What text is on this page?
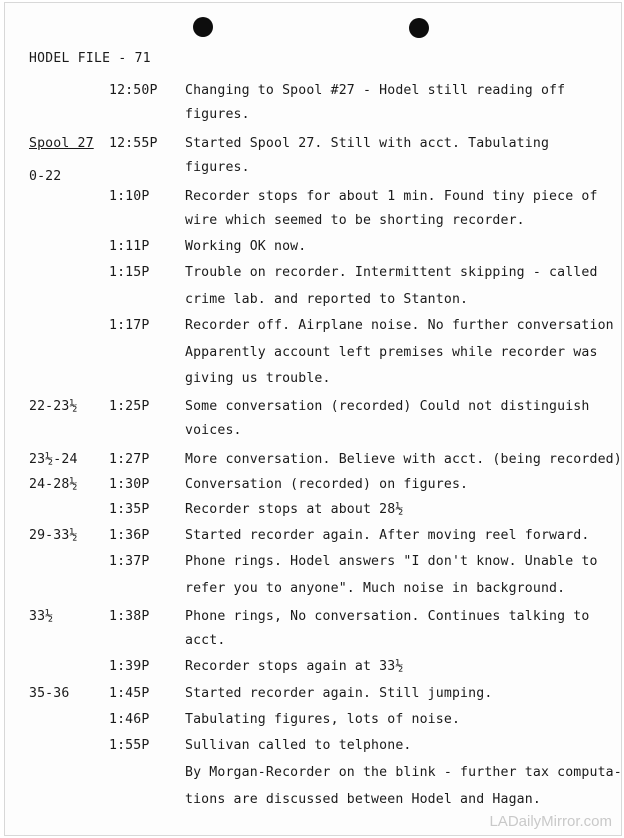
HODEL FILE - 71
12:50P Changing to Spool #27 - Hodel still reading off
figures.
Spool 27 12:55P Started Spool 27. Still with acct. Tabulating
figures.
0-22
1:10P	Recorder stops for about 1 min. Found tiny piece of
wire which seemed to be shorting recorder.
1:11P	Working OK now.
1:15P	Trouble on recorder. Intermittent skipping - called
crime lab. and reported to Stanton.
1:17P	Recorder off. Airplane noise. No further conversation
Apparently account left premises while recorder was
giving us trouble.
22-23½ 1:25P	Some conversation (recorded) Could not distinguish
voices.
23½-24 1:27P	More conversation. Believe with acct. (being recorded)
24-28½ 1:30P	Conversation (recorded) on figures.
1:35P	Recorder stops at about 28½
29-33½ 1:36P	Started recorder again. After moving reel forward.
1:37P	Phone rings. Hodel answers "I don't know. Unable to
refer you to anyone". Much noise in background.
33½	1:38P	Phone rings, No conversation. Continues talking to
acct.
1:39P	Recorder stops again at 33½
35-36	1:45P	Started recorder again. Still jumping.
1:46P	Tabulating figures, lots of noise.
1:55P	Sullivan called to telphone.
By Morgan-Recorder on the blink - further tax computa-
tions are discussed between Hodel and Hagan.
LADailyMirror.com
